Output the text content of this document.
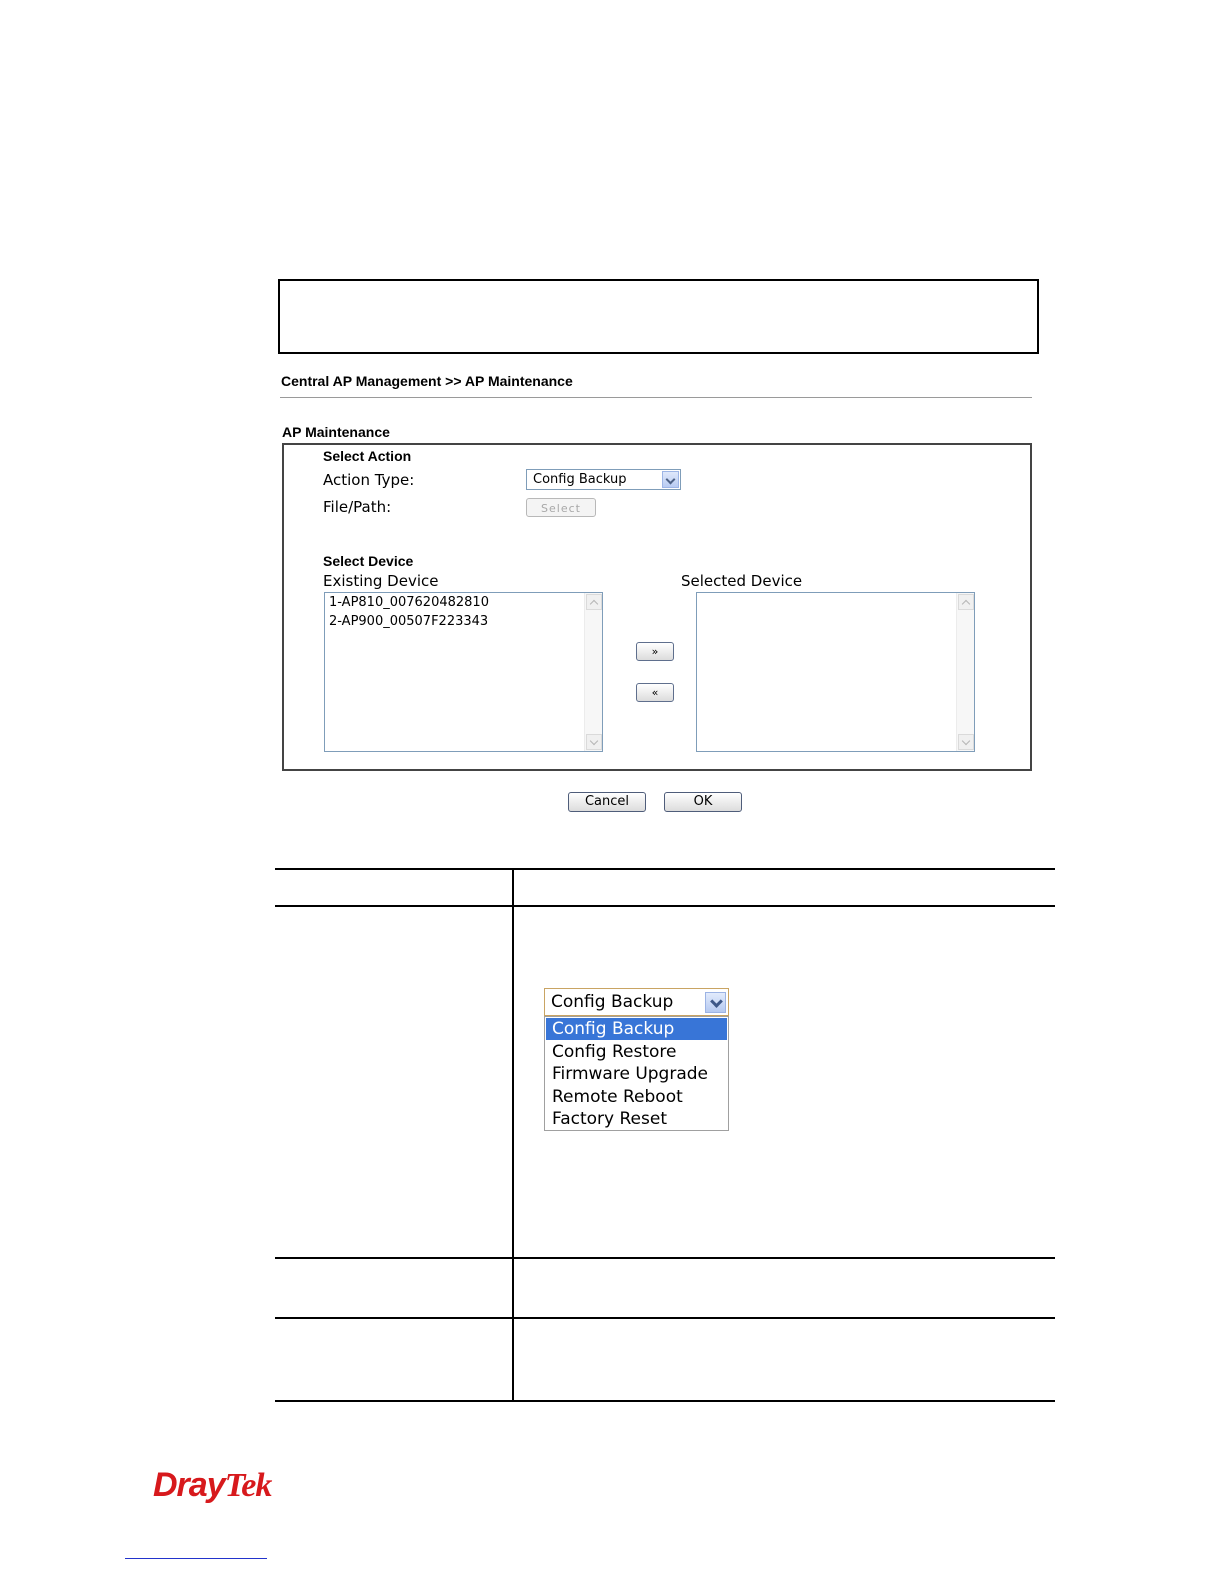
Central AP Management >> AP Maintenance
AP Maintenance
Select Action
Action Type:	Config Backup
File/Path:	Select
Select Device
Existing Device	Selected Device
1-AP810_007620482810
2-AP900_00507F223343
»
«
Cancel	OK
Config Backup
Config Backup
Config Restore
Firmware Upgrade
Remote Reboot
Factory Reset
DrayTek
